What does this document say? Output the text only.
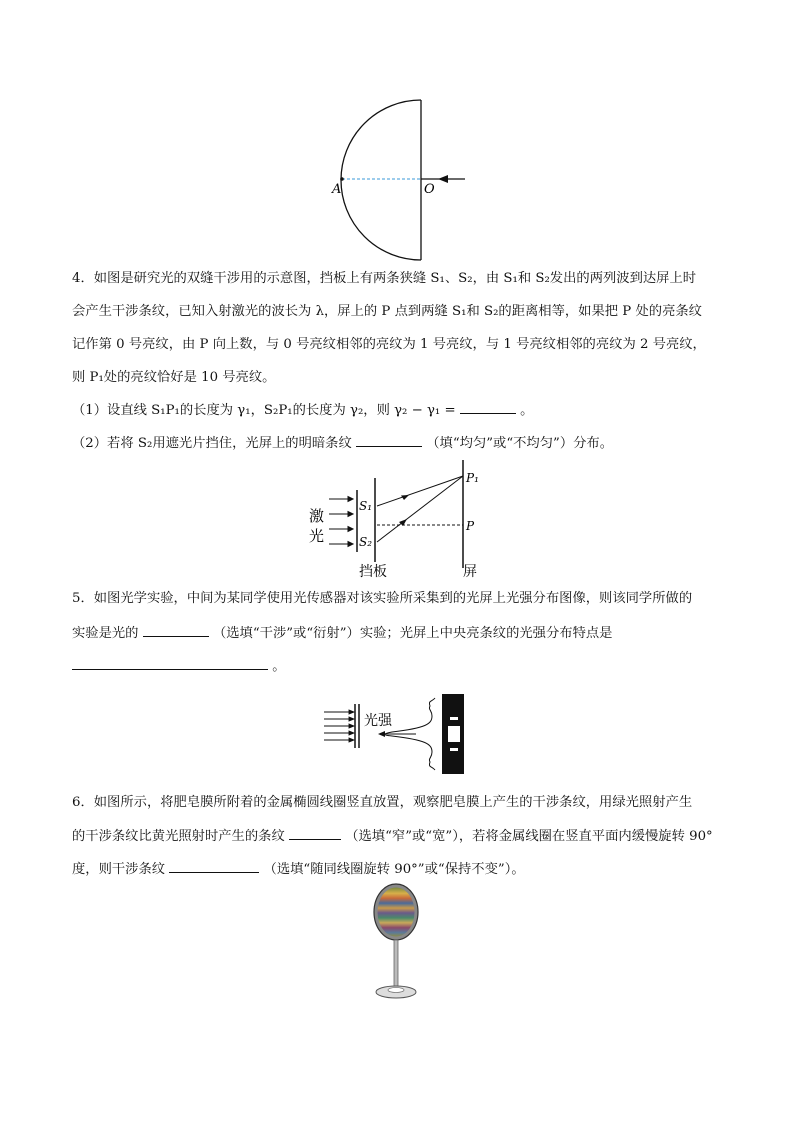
A	O
4．如图是研究光的双缝干涉用的示意图，挡板上有两条狭缝 S₁、S₂，由 S₁和 S₂发出的两列波到达屏上时
会产生干涉条纹，已知入射激光的波长为 λ，屏上的 P 点到两缝 S₁和 S₂的距离相等，如果把 P 处的亮条纹
记作第 0 号亮纹，由 P 向上数，与 0 号亮纹相邻的亮纹为 1 号亮纹，与 1 号亮纹相邻的亮纹为 2 号亮纹，
则 P₁处的亮纹恰好是 10 号亮纹。
（1）设直线 S₁P₁的长度为 γ₁，S₂P₁的长度为 γ₂，则 γ₂ − γ₁ =	。
（2）若将 S₂用遮光片挡住，光屏上的明暗条纹	（填“均匀”或“不均匀”）分布。
激
光
S₁
S₂
P₁
P
挡板	屏
5．如图光学实验，中间为某同学使用光传感器对该实验所采集到的光屏上光强分布图像，则该同学所做的
实验是光的	（选填“干涉”或“衍射”）实验；光屏上中央亮条纹的光强分布特点是
。
光强
6．如图所示，将肥皂膜所附着的金属椭圆线圈竖直放置，观察肥皂膜上产生的干涉条纹，用绿光照射产生
的干涉条纹比黄光照射时产生的条纹	（选填“窄”或“宽”），若将金属线圈在竖直平面内缓慢旋转 90°
度，则干涉条纹	（选填“随同线圈旋转 90°”或“保持不变”）。
